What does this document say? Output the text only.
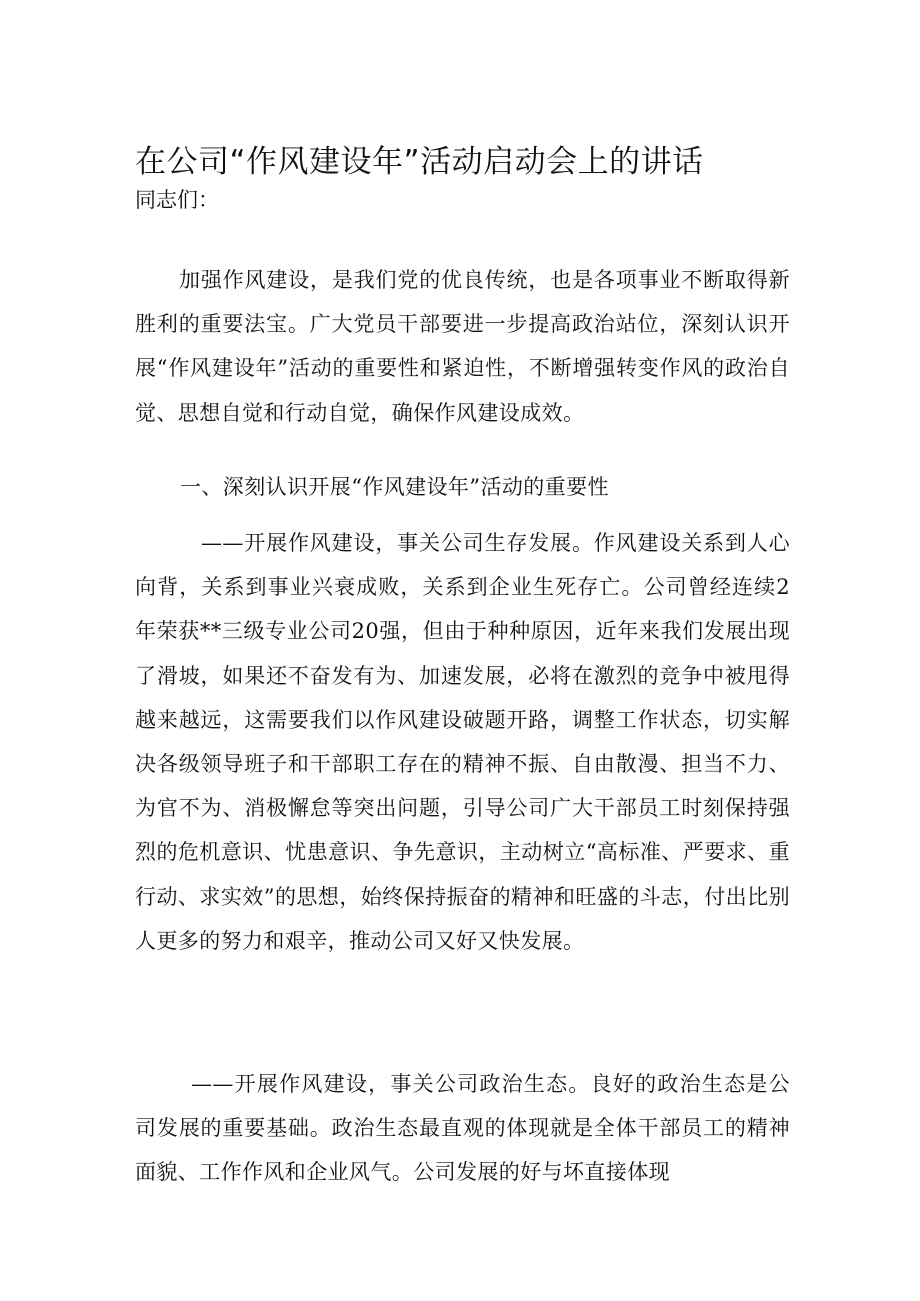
在公司“作风建设年”活动启动会上的讲话

同志们：

加强作风建设，是我们党的优良传统，也是各项事业不断取得新胜利的重要法宝。广大党员干部要进一步提高政治站位，深刻认识开展“作风建设年”活动的重要性和紧迫性，不断增强转变作风的政治自觉、思想自觉和行动自觉，确保作风建设成效。

一、深刻认识开展“作风建设年”活动的重要性

——开展作风建设，事关公司生存发展。作风建设关系到人心向背，关系到事业兴衰成败，关系到企业生死存亡。公司曾经连续2年荣获**三级专业公司20强，但由于种种原因，近年来我们发展出现了滑坡，如果还不奋发有为、加速发展，必将在激烈的竞争中被甩得越来越远，这需要我们以作风建设破题开路，调整工作状态，切实解决各级领导班子和干部职工存在的精神不振、自由散漫、担当不力、为官不为、消极懈怠等突出问题，引导公司广大干部员工时刻保持强烈的危机意识、忧患意识、争先意识，主动树立“高标准、严要求、重行动、求实效”的思想，始终保持振奋的精神和旺盛的斗志，付出比别人更多的努力和艰辛，推动公司又好又快发展。

——开展作风建设，事关公司政治生态。良好的政治生态是公司发展的重要基础。政治生态最直观的体现就是全体干部员工的精神面貌、工作作风和企业风气。公司发展的好与坏直接体现
